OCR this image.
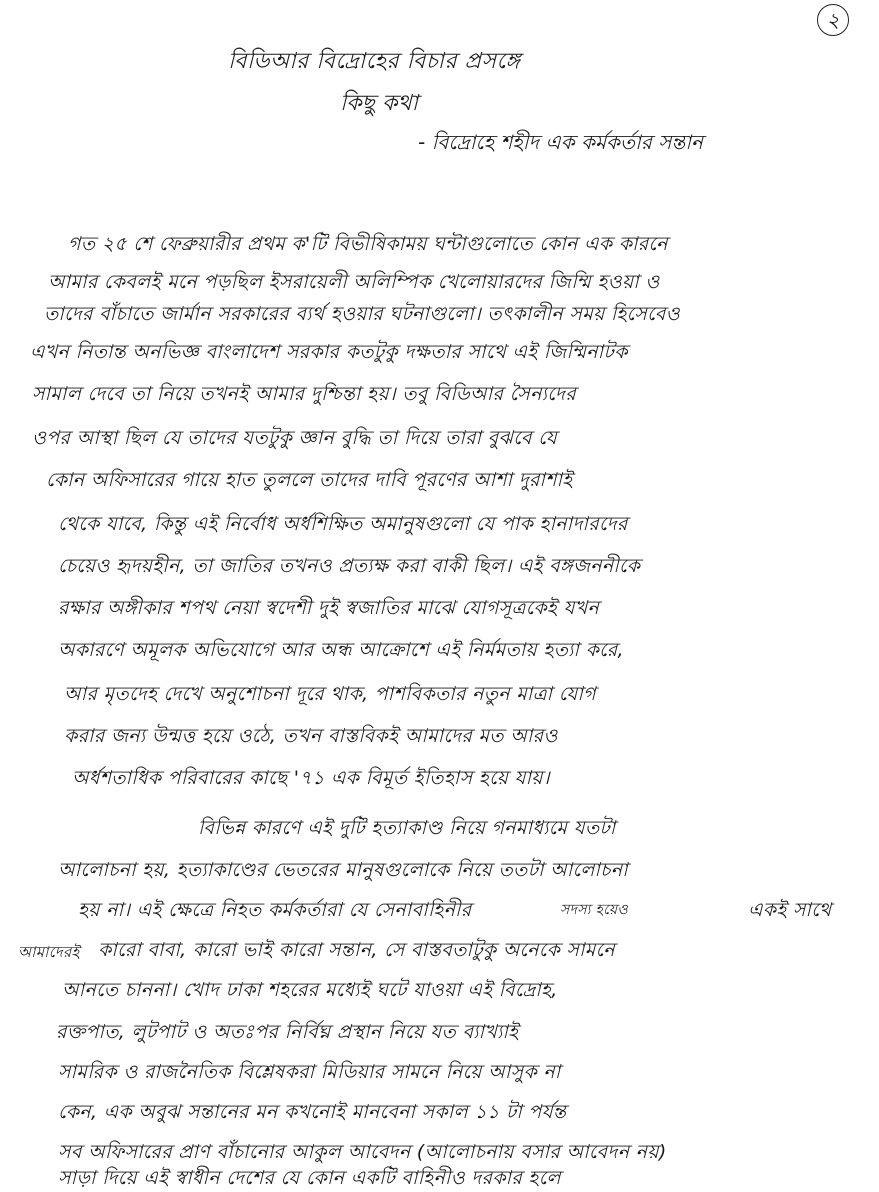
২
বিডিআর বিদ্রোহের বিচার প্রসঙ্গে
কিছু কথা
- বিদ্রোহে শহীদ এক কর্মকর্তার সন্তান
গত ২৫ শে ফেব্রুয়ারীর প্রথম ক'টি বিভীষিকাময় ঘন্টাগুলোতে কোন এক কারনে
আমার কেবলই মনে পড়ছিল ইসরায়েলী অলিম্পিক খেলোয়ারদের জিম্মি হওয়া ও
তাদের বাঁচাতে জার্মান সরকারের ব্যর্থ হওয়ার ঘটনাগুলো। তৎকালীন সময় হিসেবেও
এখন নিতান্ত অনভিজ্ঞ বাংলাদেশ সরকার কতটুকু দক্ষতার সাথে এই জিম্মিনাটক
সামাল দেবে তা নিয়ে তখনই আমার দুশ্চিন্তা হয়। তবু বিডিআর সৈন্যদের
ওপর আস্থা ছিল যে তাদের যতটুকু জ্ঞান বুদ্ধি তা দিয়ে তারা বুঝবে যে
কোন অফিসারের গায়ে হাত তুললে তাদের দাবি পূরণের আশা দুরাশাই
থেকে যাবে, কিন্তু এই নির্বোধ অর্ধশিক্ষিত অমানুষগুলো যে পাক হানাদারদের
চেয়েও হৃদয়হীন, তা জাতির তখনও প্রত্যক্ষ করা বাকী ছিল। এই বঙ্গজননীকে
রক্ষার অঙ্গীকার শপথ নেয়া স্বদেশী দুই স্বজাতির মাঝে যোগসূত্রকেই যখন
অকারণে অমূলক অভিযোগে আর অন্ধ আক্রোশে এই নির্মমতায় হত্যা করে,
আর মৃতদেহ দেখে অনুশোচনা দূরে থাক, পাশবিকতার নতুন মাত্রা যোগ
করার জন্য উন্মত্ত হয়ে ওঠে, তখন বাস্তবিকই আমাদের মত আরও
অর্ধশতাধিক পরিবারের কাছে '৭১ এক বিমূর্ত ইতিহাস হয়ে যায়।
বিভিন্ন কারণে এই দুটি হত্যাকাণ্ড নিয়ে গনমাধ্যমে যতটা
আলোচনা হয়, হত্যাকাণ্ডের ভেতরের মানুষগুলোকে নিয়ে ততটা আলোচনা
হয় না। এই ক্ষেত্রে নিহত কর্মকর্তারা যে সেনাবাহিনীর	সদস্য হয়েও	একই সাথে
আমাদেরই কারো বাবা, কারো ভাই কারো সন্তান, সে বাস্তবতাটুকু অনেকে সামনে
আনতে চাননা। খোদ ঢাকা শহরের মধ্যেই ঘটে যাওয়া এই বিদ্রোহ,
রক্তপাত, লুটপাট ও অতঃপর নির্বিঘ্ন প্রস্থান নিয়ে যত ব্যাখ্যাই
সামরিক ও রাজনৈতিক বিশ্লেষকরা মিডিয়ার সামনে নিয়ে আসুক না
কেন, এক অবুঝ সন্তানের মন কখনোই মানবেনা সকাল ১১ টা পর্যন্ত
সব অফিসারের প্রাণ বাঁচানোর আকুল আবেদন (আলোচনায় বসার আবেদন নয়)
সাড়া দিয়ে এই স্বাধীন দেশের যে কোন একটি বাহিনীও দরকার হলে
